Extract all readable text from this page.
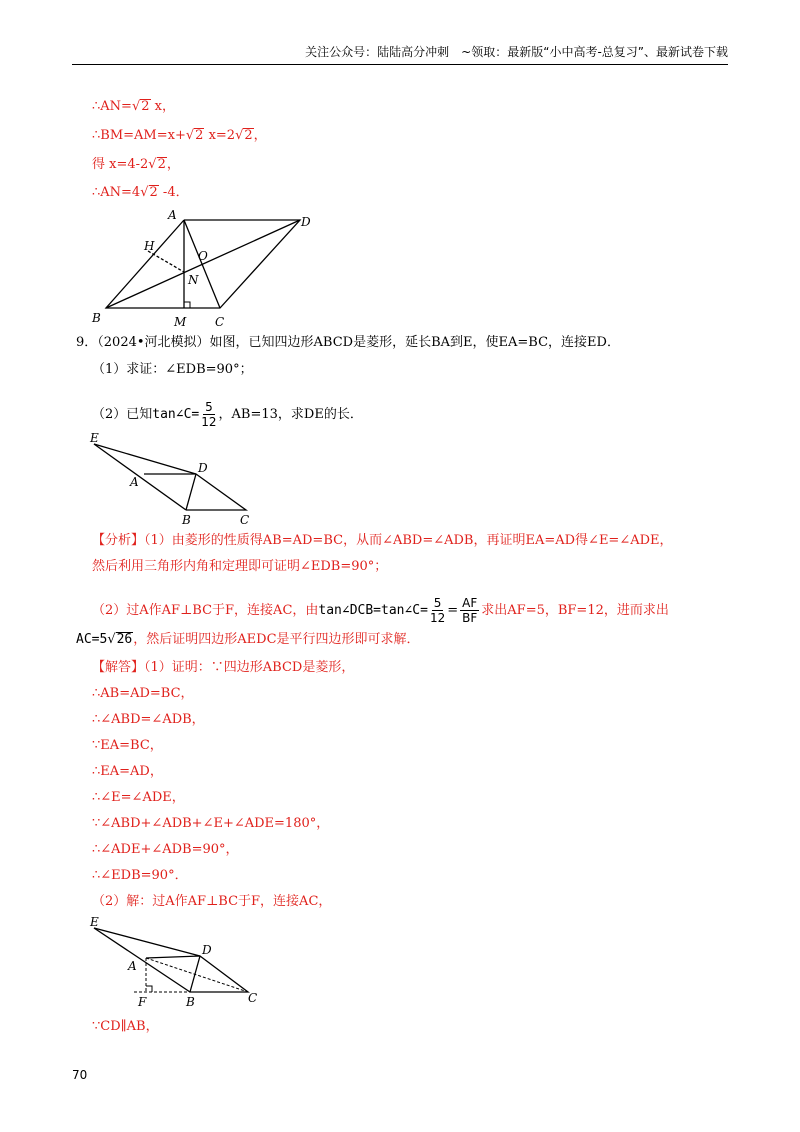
关注公众号：陆陆高分冲刺　~领取：最新版“小中高考-总复习”、最新试卷下载
∴AN=√2 x，
∴BM=AM=x+√2 x=2√2，
得 x=4-2√2，
∴AN=4√2 -4．
A	D
H
O
N
B	M C
9．（2024•河北模拟）如图，已知四边形ABCD是菱形，延长BA到E，使EA=BC，连接ED．
（1）求证：∠EDB=90°；
（2）已知tan∠C= $\frac{5}{12}$ ，AB=13，求DE的长．
E
D
A
B	C
【分析】（1）由菱形的性质得AB=AD=BC，从而∠ABD=∠ADB，再证明EA=AD得∠E=∠ADE，
然后利用三角形内角和定理即可证明∠EDB=90°；
（2）过A作AF⊥BC于F，连接AC，由tan∠DCB=tan∠C= $\frac{5}{12} = \frac{AF}{BF}$ 求出AF=5，BF=12，进而求出
AC=5√26，然后证明四边形AEDC是平行四边形即可求解．
【解答】（1）证明：∵四边形ABCD是菱形，
∴AB=AD=BC，
∴∠ABD=∠ADB，
∵EA=BC，
∴EA=AD，
∴∠E=∠ADE，
∵∠ABD+∠ADB+∠E+∠ADE=180°，
∴∠ADE+∠ADB=90°，
∴∠EDB=90°．
（2）解：过A作AF⊥BC于F，连接AC，
E
D
A
F	B	C
∵CD∥AB，
70
